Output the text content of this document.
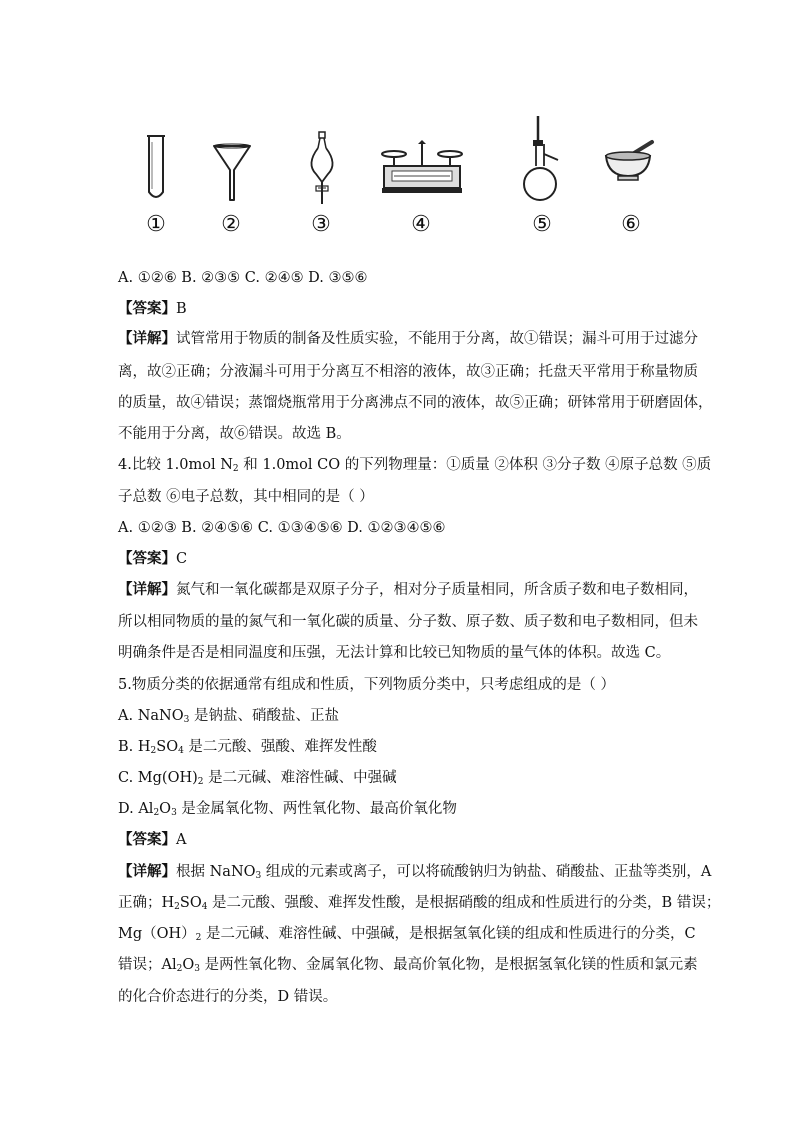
①	②	③	④	⑤	⑥
A. ①②⑥ B. ②③⑤ C. ②④⑤ D. ③⑤⑥
【答案】B
【详解】试管常用于物质的制备及性质实验，不能用于分离，故①错误；漏斗可用于过滤分
离，故②正确；分液漏斗可用于分离互不相溶的液体，故③正确；托盘天平常用于称量物质
的质量，故④错误；蒸馏烧瓶常用于分离沸点不同的液体，故⑤正确；研钵常用于研磨固体，
不能用于分离，故⑥错误。故选 B。
4.比较 1.0mol $N_2$ 和 1.0mol CO 的下列物理量：①质量 ②体积 ③分子数 ④原子总数 ⑤质
子总数 ⑥电子总数，其中相同的是（ ）
A. ①②③ B. ②④⑤⑥ C. ①③④⑤⑥ D. ①②③④⑤⑥
【答案】C
【详解】氮气和一氧化碳都是双原子分子，相对分子质量相同，所含质子数和电子数相同，
所以相同物质的量的氮气和一氧化碳的质量、分子数、原子数、质子数和电子数相同，但未
明确条件是否是相同温度和压强，无法计算和比较已知物质的量气体的体积。故选 C。
5.物质分类的依据通常有组成和性质，下列物质分类中，只考虑组成的是（ ）
A. NaNO$_3$ 是钠盐、硝酸盐、正盐
B. $H_2SO_4$ 是二元酸、强酸、难挥发性酸
C. $Mg(OH)_2$ 是二元碱、难溶性碱、中强碱
D. $Al_2O_3$ 是金属氧化物、两性氧化物、最高价氧化物
【答案】A
【详解】根据 NaNO$_3$ 组成的元素或离子，可以将硫酸钠归为钠盐、硝酸盐、正盐等类别，A
正确；$H_2SO_4$ 是二元酸、强酸、难挥发性酸，是根据硝酸的组成和性质进行的分类，B 错误；
$Mg(OH)_2$ 是二元碱、难溶性碱、中强碱，是根据氢氧化镁的组成和性质进行的分类，C
错误；$Al_2O_3$ 是两性氧化物、金属氧化物、最高价氧化物，是根据氢氧化镁的性质和氯元素
的化合价态进行的分类，D 错误。
